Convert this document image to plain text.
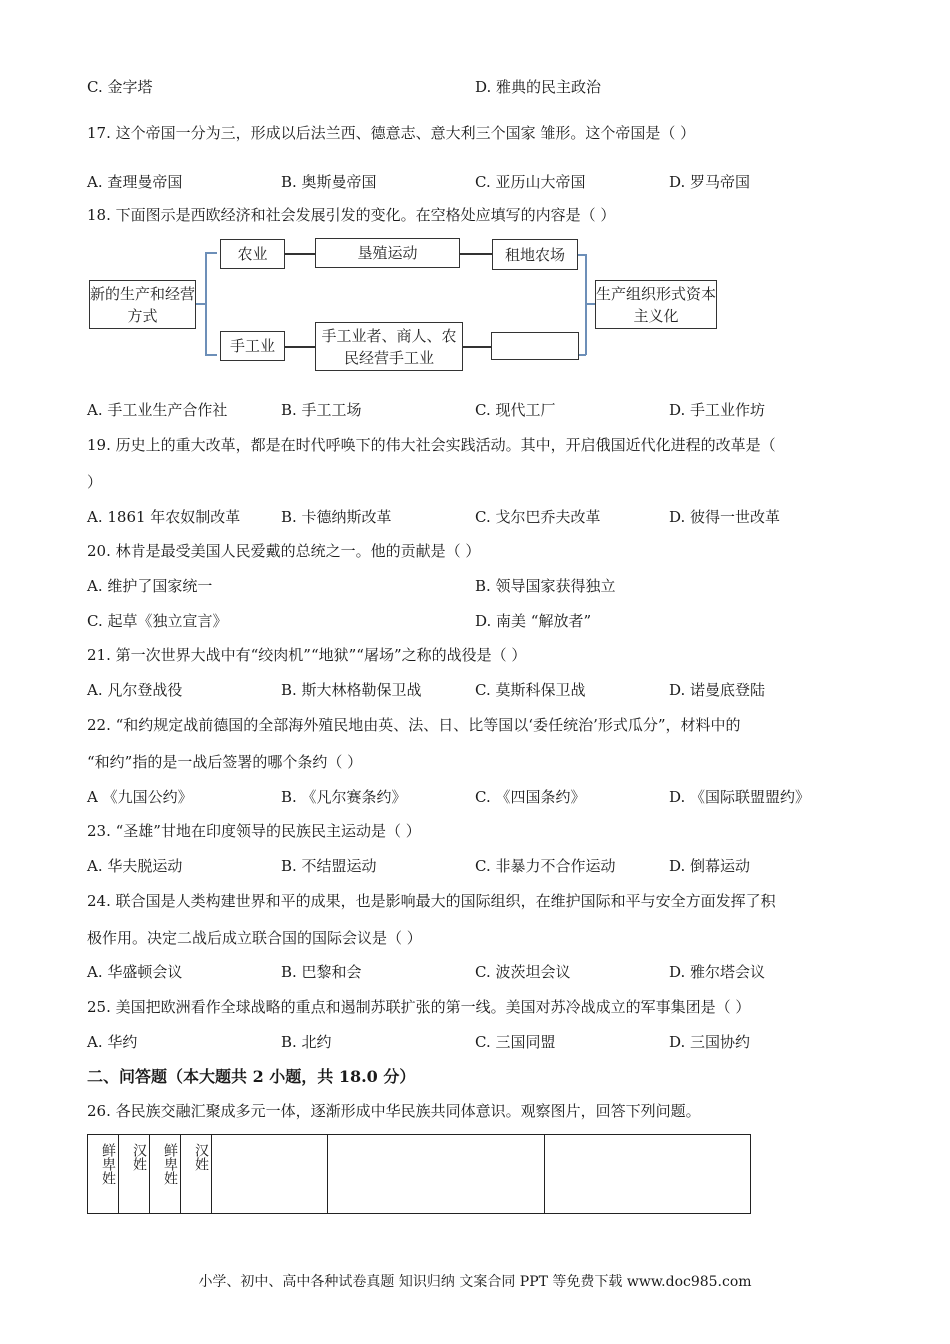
C. 金字塔	D. 雅典的民主政治
17. 这个帝国一分为三，形成以后法兰西、德意志、意大利三个国家 雏形。这个帝国是（ ）
A. 查理曼帝国	B. 奥斯曼帝国	C. 亚历山大帝国	D. 罗马帝国
18. 下面图示是西欧经济和社会发展引发的变化。在空格处应填写的内容是（ ）
新的生产和经营方式
农业	垦殖运动	租地农场
手工业
手工业者、商人、农民经营手工业
生产组织形式资本主义化
A. 手工业生产合作社	B. 手工工场	C. 现代工厂	D. 手工业作坊
19. 历史上的重大改革，都是在时代呼唤下的伟大社会实践活动。其中，开启俄国近代化进程的改革是（
）
A. 1861 年农奴制改革	B. 卡德纳斯改革	C. 戈尔巴乔夫改革	D. 彼得一世改革
20. 林肯是最受美国人民爱戴的总统之一。他的贡献是（ ）
A. 维护了国家统一	B. 领导国家获得独立
C. 起草《独立宣言》	D. 南美 “解放者”
21. 第一次世界大战中有“绞肉机”“地狱”“屠场”之称的战役是（ ）
A. 凡尔登战役	B. 斯大林格勒保卫战	C. 莫斯科保卫战	D. 诺曼底登陆
22. “和约规定战前德国的全部海外殖民地由英、法、日、比等国以‘委任统治’形式瓜分”，材料中的
“和约”指的是一战后签署的哪个条约（ ）
A 《九国公约》	B. 《凡尔赛条约》	C. 《四国条约》	D. 《国际联盟盟约》
23. “圣雄”甘地在印度领导的民族民主运动是（ ）
A. 华夫脱运动	B. 不结盟运动	C. 非暴力不合作运动	D. 倒幕运动
24. 联合国是人类构建世界和平的成果，也是影响最大的国际组织，在维护国际和平与安全方面发挥了积
极作用。决定二战后成立联合国的国际会议是（ ）
A. 华盛顿会议	B. 巴黎和会	C. 波茨坦会议	D. 雅尔塔会议
25. 美国把欧洲看作全球战略的重点和遏制苏联扩张的第一线。美国对苏冷战成立的军事集团是（ ）
A. 华约	B. 北约	C. 三国同盟	D. 三国协约
二、问答题（本大题共 2 小题，共 18.0 分）
26. 各民族交融汇聚成多元一体，逐渐形成中华民族共同体意识。观察图片，回答下列问题。
鲜卑姓	汉姓	鲜卑姓	汉姓
小学、初中、高中各种试卷真题 知识归纳 文案合同 PPT 等免费下载 www.doc985.com
